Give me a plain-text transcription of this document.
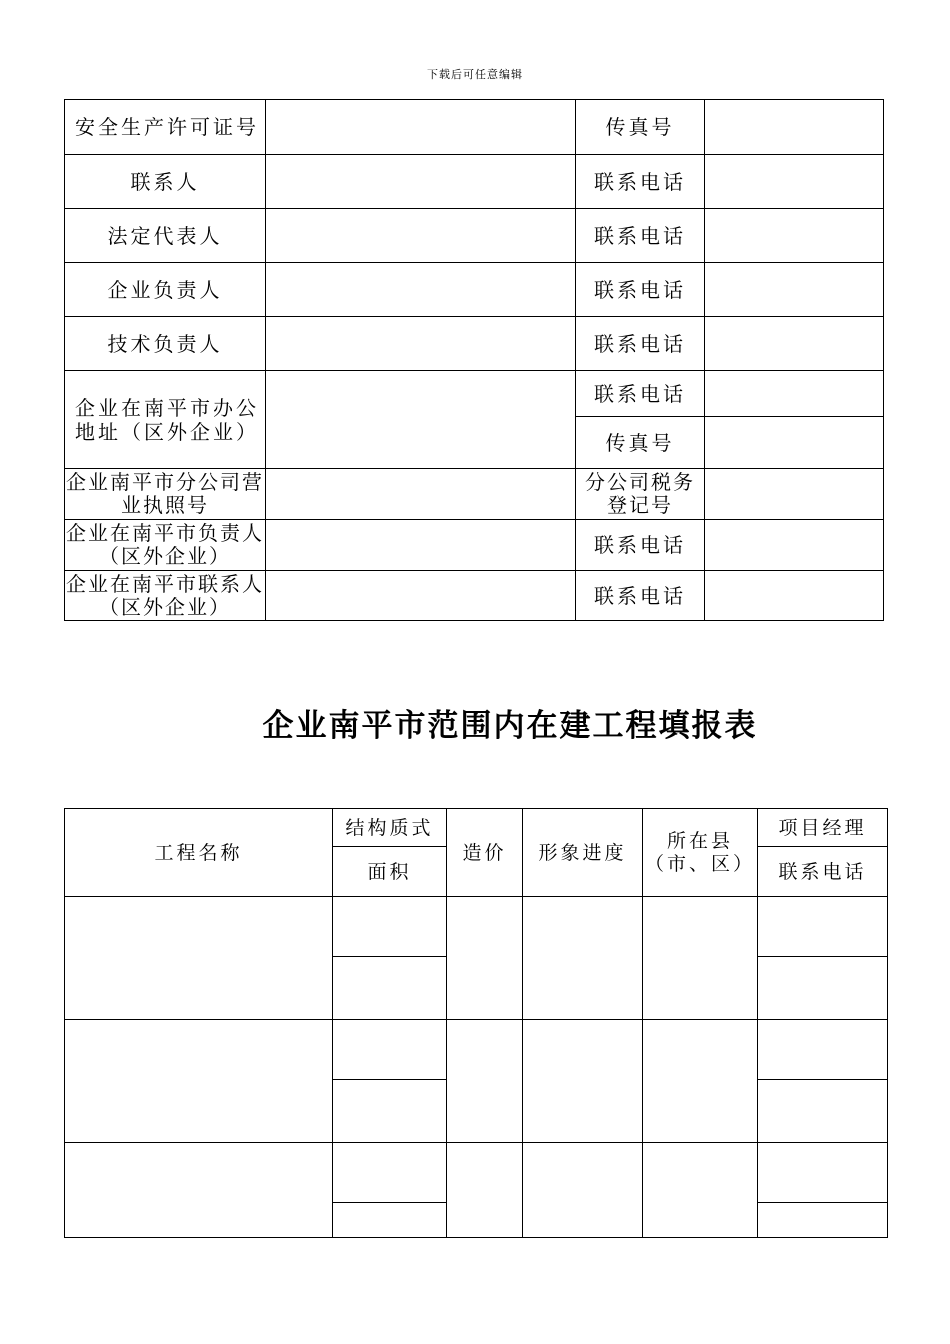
下载后可任意编辑
安全生产许可证号		传真号	
联系人		联系电话	
法定代表人		联系电话	
企业负责人		联系电话	
技术负责人		联系电话	
企业在南平市办公地址（区外企业）		联系电话	
		传真号	
企业南平市分公司营业执照号		分公司税务登记号	
企业在南平市负责人（区外企业）		联系电话	
企业在南平市联系人（区外企业）		联系电话	
企业南平市范围内在建工程填报表
工程名称	结构质式	造价	形象进度	所在县（市、区）	项目经理
	面积				联系电话
